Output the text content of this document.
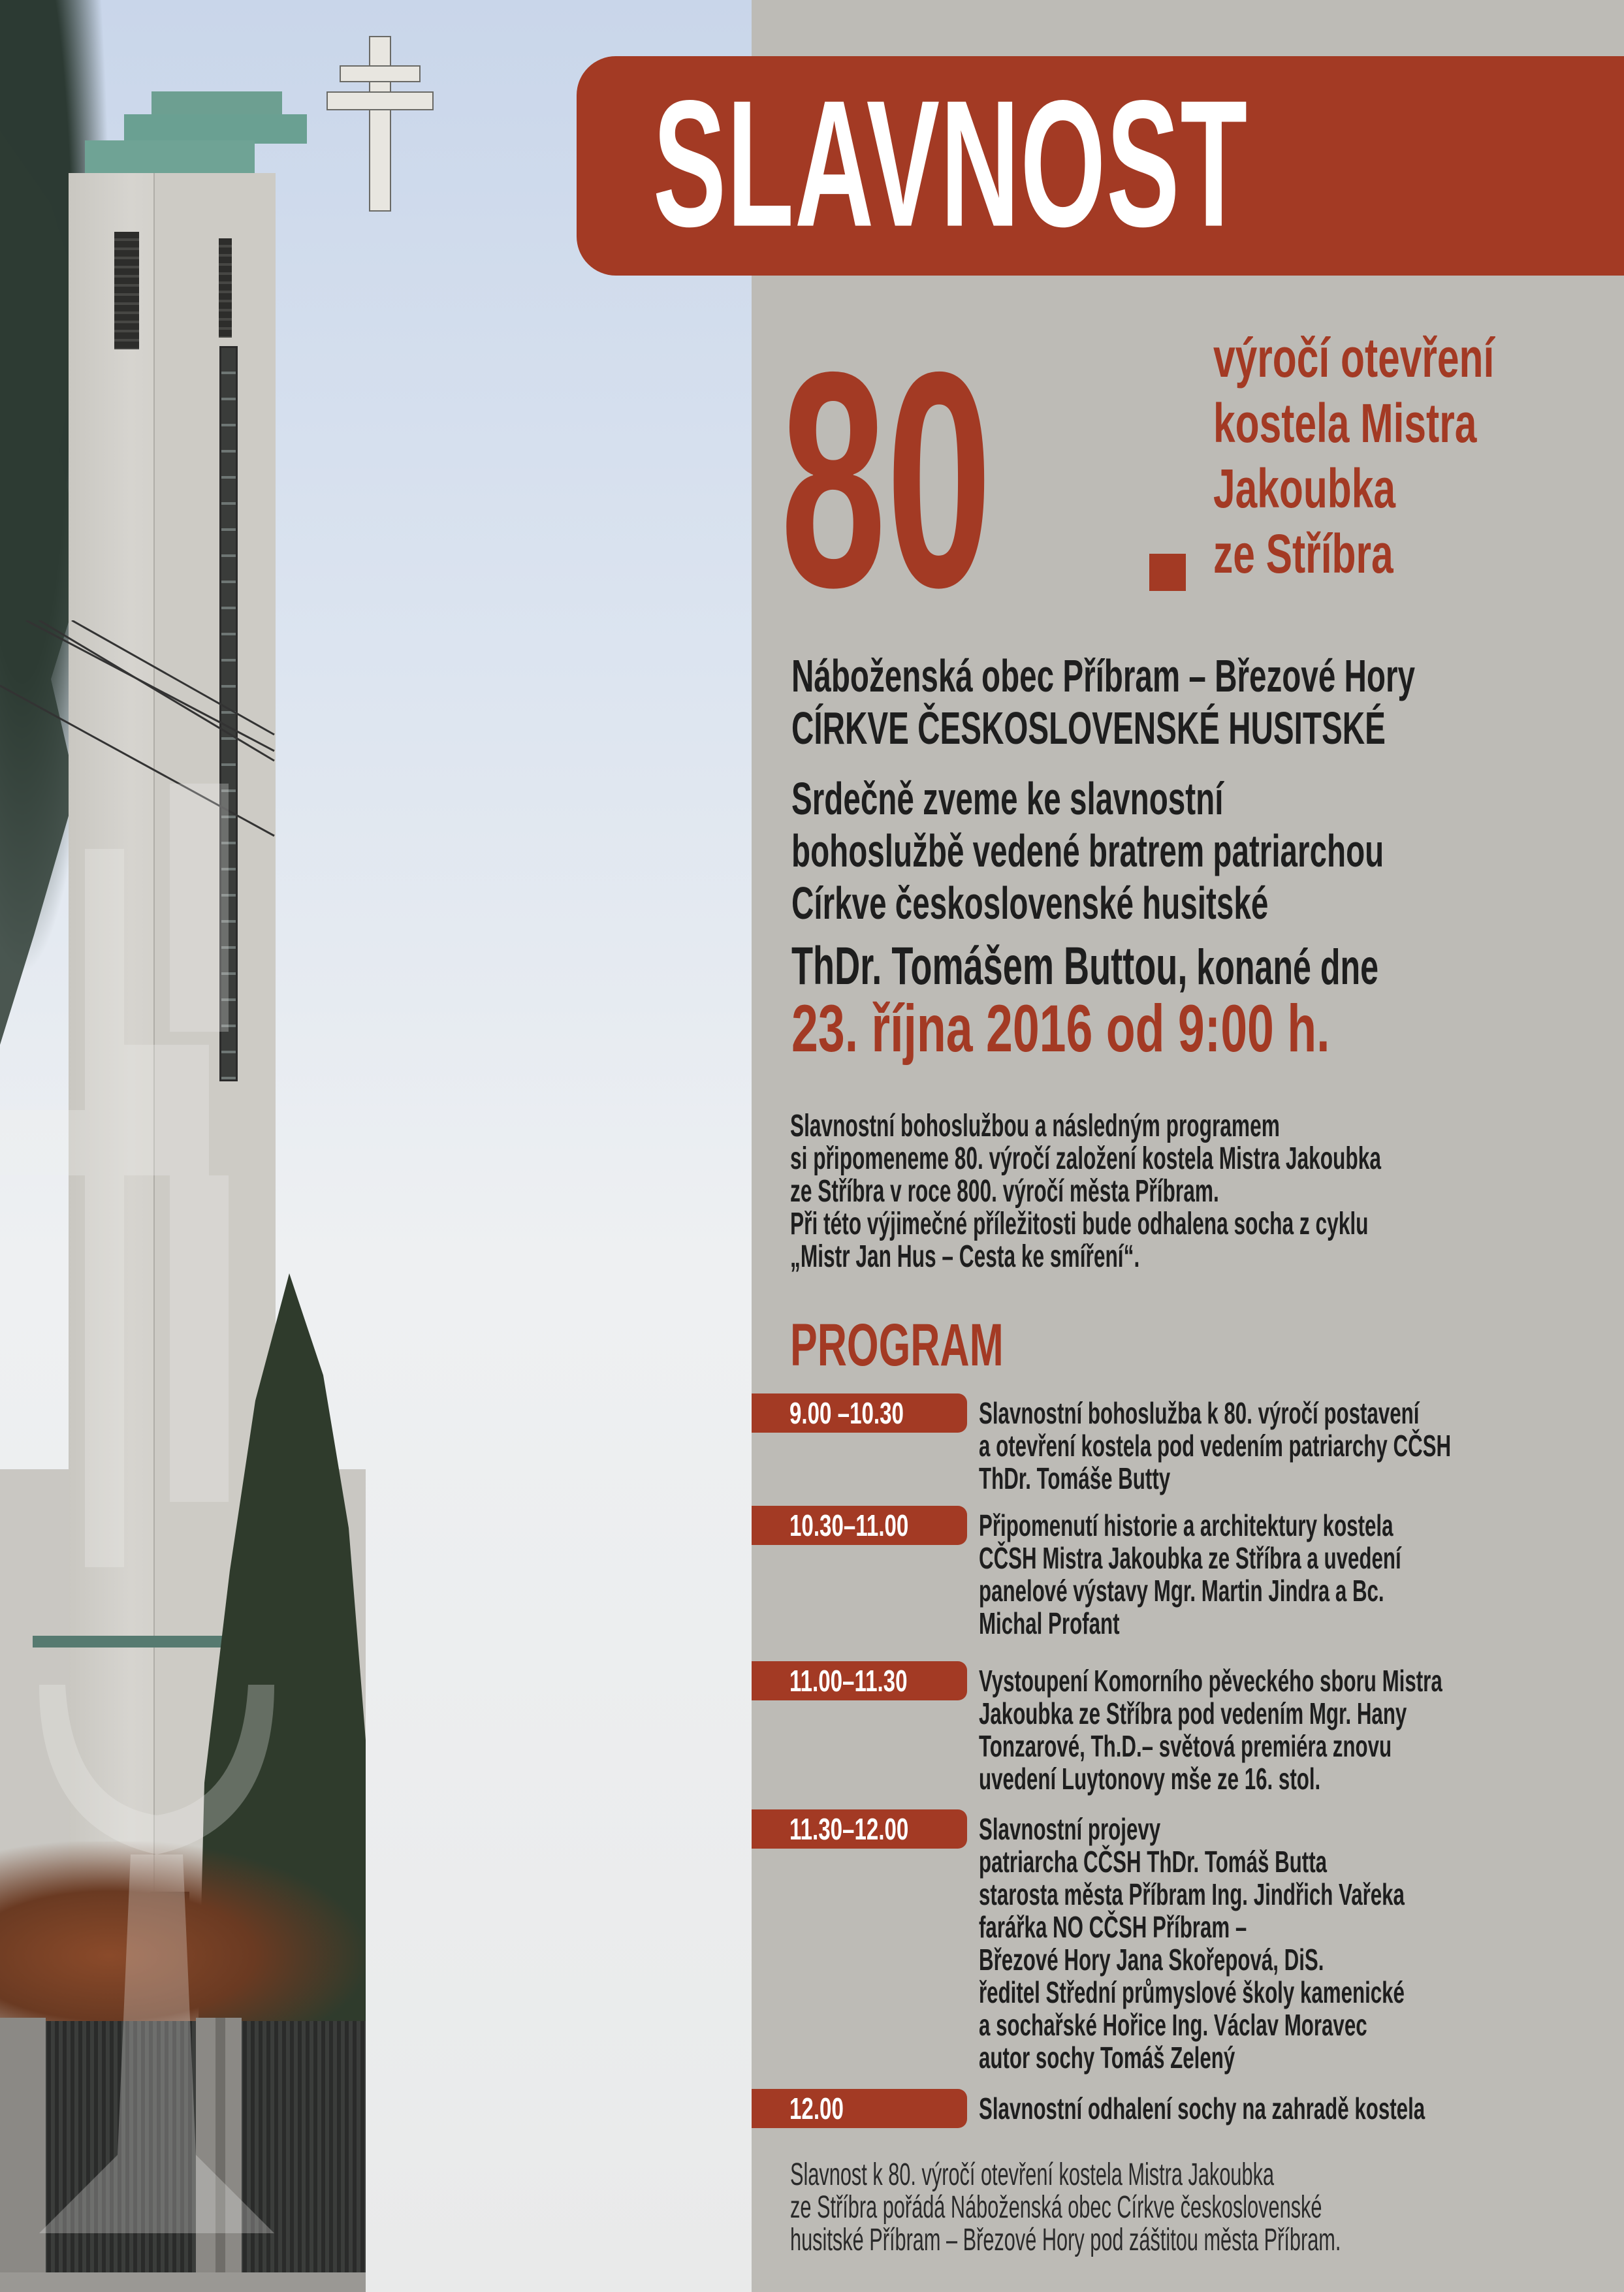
SLAVNOST
80	výročí otevření
kostela Mistra
Jakoubka
ze Stříbra
Náboženská obec Příbram – Březové Hory
CÍRKVE ČESKOSLOVENSKÉ HUSITSKÉ
Srdečně zveme ke slavnostní
bohoslužbě vedené bratrem patriarchou
Církve československé husitské
ThDr. Tomášem Buttou, konané dne
23. října 2016 od 9:00 h.
Slavnostní bohoslužbou a následným programem
si připomeneme 80. výročí založení kostela Mistra Jakoubka
ze Stříbra v roce 800. výročí města Příbram.
Při této výjimečné příležitosti bude odhalena socha z cyklu
„Mistr Jan Hus – Cesta ke smíření“.
PROGRAM
9.00 –10.30	Slavnostní bohoslužba k 80. výročí postavení
a otevření kostela pod vedením patriarchy CČSH
ThDr. Tomáše Butty
10.30–11.00	Připomenutí historie a architektury kostela
CČSH Mistra Jakoubka ze Stříbra a uvedení
panelové výstavy Mgr. Martin Jindra a Bc.
Michal Profant
11.00–11.30	Vystoupení Komorního pěveckého sboru Mistra
Jakoubka ze Stříbra pod vedením Mgr. Hany
Tonzarové, Th.D.– světová premiéra znovu
uvedení Luytonovy mše ze 16. stol.
11.30–12.00	Slavnostní projevy
patriarcha CČSH ThDr. Tomáš Butta
starosta města Příbram Ing. Jindřich Vařeka
farářka NO CČSH Příbram –
Březové Hory Jana Skořepová, DiS.
ředitel Střední průmyslové školy kamenické
a sochařské Hořice Ing. Václav Moravec
autor sochy Tomáš Zelený
12.00	Slavnostní odhalení sochy na zahradě kostela
Slavnost k 80. výročí otevření kostela Mistra Jakoubka
ze Stříbra pořádá Náboženská obec Církve československé
husitské Příbram – Březové Hory pod záštitou města Příbram.
